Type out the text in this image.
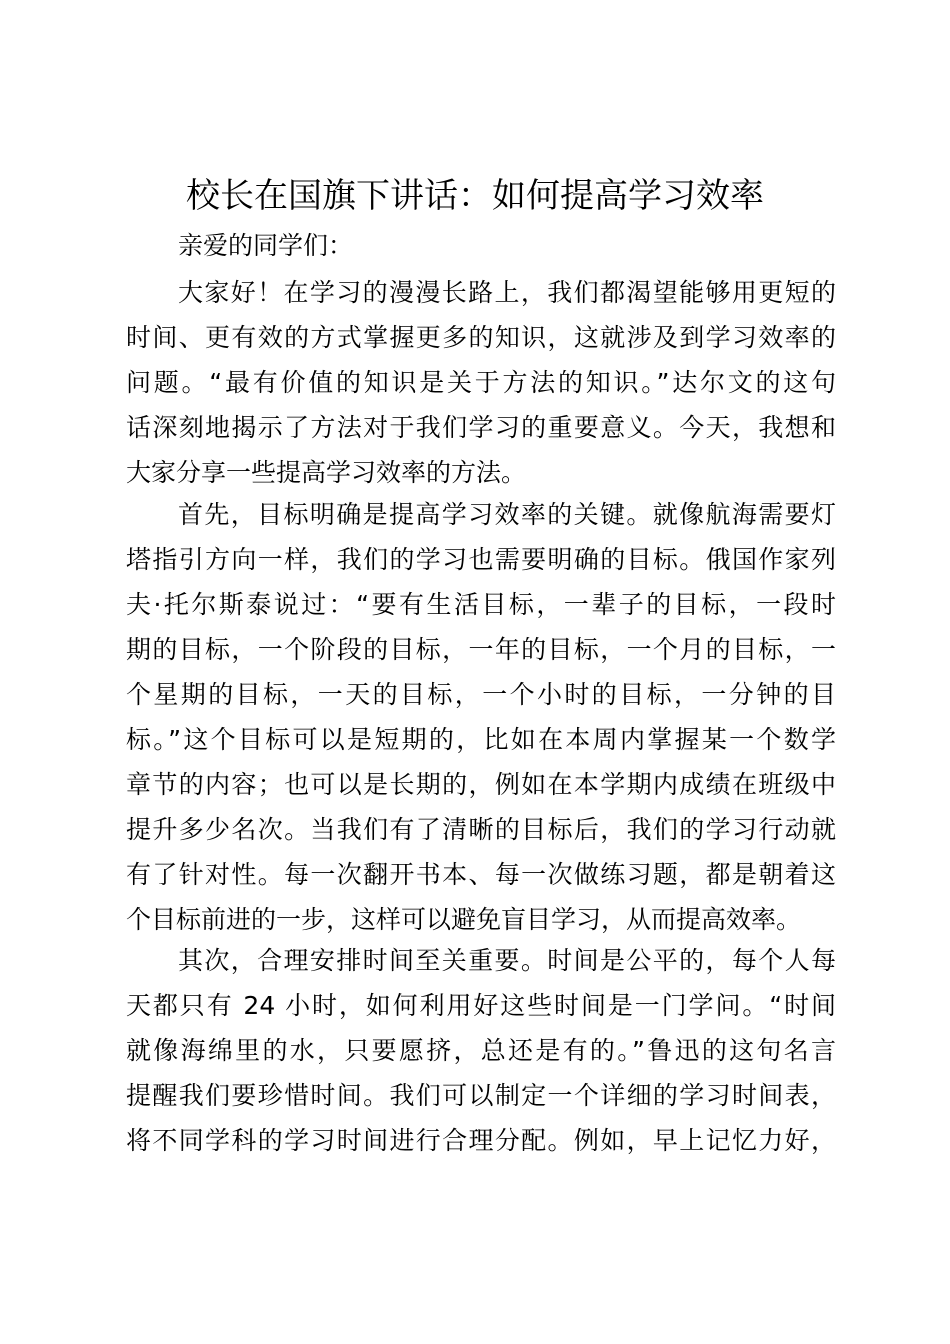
校长在国旗下讲话：如何提高学习效率
亲爱的同学们：
大家好！在学习的漫漫长路上，我们都渴望能够用更短的
时间、更有效的方式掌握更多的知识，这就涉及到学习效率的
问题。“最有价值的知识是关于方法的知识。”达尔文的这句
话深刻地揭示了方法对于我们学习的重要意义。今天，我想和
大家分享一些提高学习效率的方法。
首先，目标明确是提高学习效率的关键。就像航海需要灯
塔指引方向一样，我们的学习也需要明确的目标。俄国作家列
夫·托尔斯泰说过：“要有生活目标，一辈子的目标，一段时
期的目标，一个阶段的目标，一年的目标，一个月的目标，一
个星期的目标，一天的目标，一个小时的目标，一分钟的目
标。”这个目标可以是短期的，比如在本周内掌握某一个数学
章节的内容；也可以是长期的，例如在本学期内成绩在班级中
提升多少名次。当我们有了清晰的目标后，我们的学习行动就
有了针对性。每一次翻开书本、每一次做练习题，都是朝着这
个目标前进的一步，这样可以避免盲目学习，从而提高效率。
其次，合理安排时间至关重要。时间是公平的，每个人每
天都只有 24 小时，如何利用好这些时间是一门学问。“时间
就像海绵里的水，只要愿挤，总还是有的。”鲁迅的这句名言
提醒我们要珍惜时间。我们可以制定一个详细的学习时间表，
将不同学科的学习时间进行合理分配。例如，早上记忆力好，
